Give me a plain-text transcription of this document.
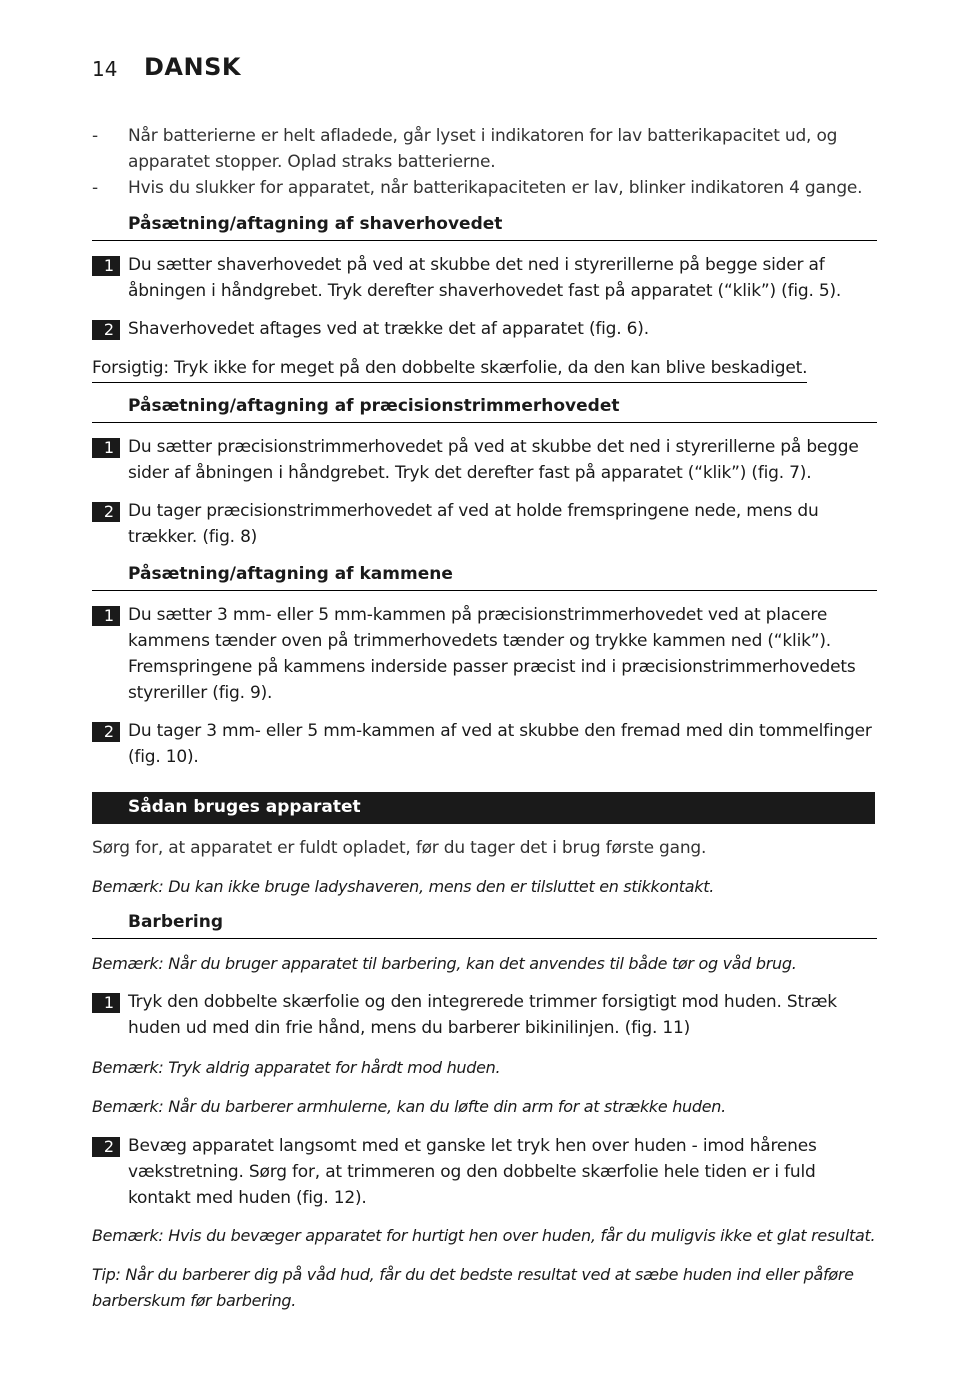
14 DANSK
- Når batterierne er helt afladede, går lyset i indikatoren for lav batterikapacitet ud, og apparatet stopper. Oplad straks batterierne.
- Hvis du slukker for apparatet, når batterikapaciteten er lav, blinker indikatoren 4 gange.
Påsætning/aftagning af shaverhovedet
1 Du sætter shaverhovedet på ved at skubbe det ned i styrerillerne på begge sider af åbningen i håndgrebet. Tryk derefter shaverhovedet fast på apparatet (“klik”) (fig. 5).
2 Shaverhovedet aftages ved at trække det af apparatet (fig. 6).
Forsigtig: Tryk ikke for meget på den dobbelte skærfolie, da den kan blive beskadiget.
Påsætning/aftagning af præcisionstrimmerhovedet
1 Du sætter præcisionstrimmerhovedet på ved at skubbe det ned i styrerillerne på begge sider af åbningen i håndgrebet. Tryk det derefter fast på apparatet (“klik”) (fig. 7).
2 Du tager præcisionstrimmerhovedet af ved at holde fremspringene nede, mens du trækker. (fig. 8)
Påsætning/aftagning af kammene
1 Du sætter 3 mm- eller 5 mm-kammen på præcisionstrimmerhovedet ved at placere kammens tænder oven på trimmerhovedets tænder og trykke kammen ned (“klik”). Fremspringene på kammens inderside passer præcist ind i præcisionstrimmerhovedets styreriller (fig. 9).
2 Du tager 3 mm- eller 5 mm-kammen af ved at skubbe den fremad med din tommelfinger (fig. 10).
Sådan bruges apparatet
Sørg for, at apparatet er fuldt opladet, før du tager det i brug første gang.
Bemærk: Du kan ikke bruge ladyshaveren, mens den er tilsluttet en stikkontakt.
Barbering
Bemærk: Når du bruger apparatet til barbering, kan det anvendes til både tør og våd brug.
1 Tryk den dobbelte skærfolie og den integrerede trimmer forsigtigt mod huden. Stræk huden ud med din frie hånd, mens du barberer bikinilinjen. (fig. 11)
Bemærk: Tryk aldrig apparatet for hårdt mod huden.
Bemærk: Når du barberer armhulerne, kan du løfte din arm for at strække huden.
2 Bevæg apparatet langsomt med et ganske let tryk hen over huden - imod hårenes vækstretning. Sørg for, at trimmeren og den dobbelte skærfolie hele tiden er i fuld kontakt med huden (fig. 12).
Bemærk: Hvis du bevæger apparatet for hurtigt hen over huden, får du muligvis ikke et glat resultat.
Tip: Når du barberer dig på våd hud, får du det bedste resultat ved at sæbe huden ind eller påføre barberskum før barbering.
